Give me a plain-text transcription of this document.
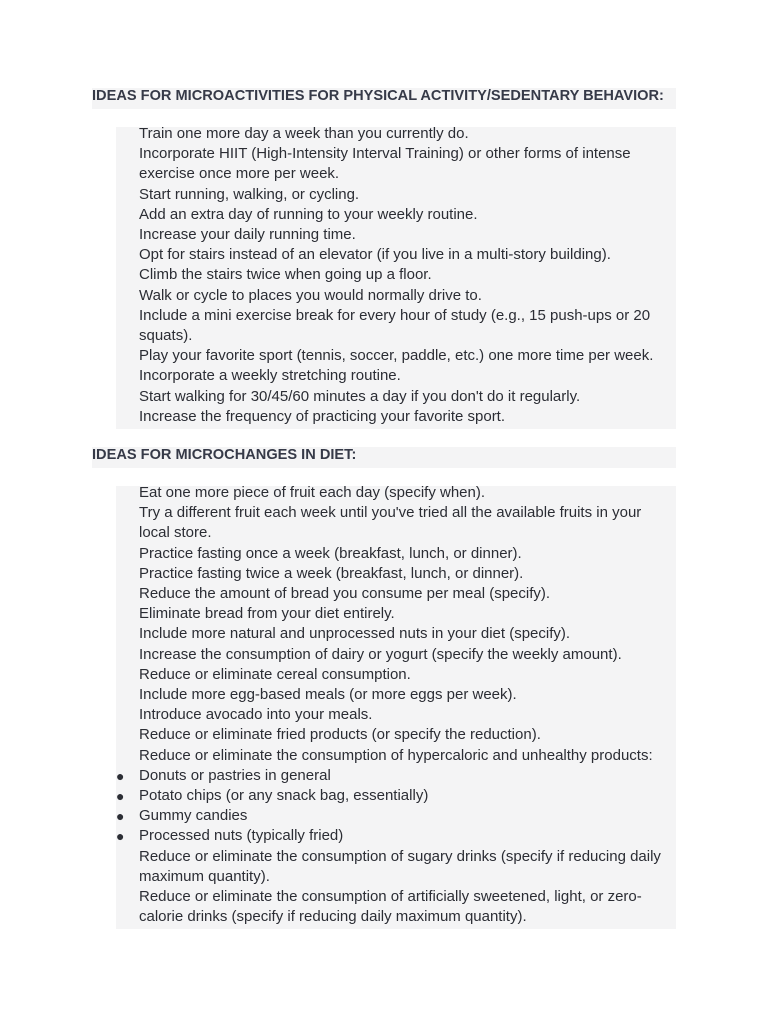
IDEAS FOR MICROACTIVITIES FOR PHYSICAL ACTIVITY/SEDENTARY BEHAVIOR:
Train one more day a week than you currently do.
Incorporate HIIT (High-Intensity Interval Training) or other forms of intense exercise once more per week.
Start running, walking, or cycling.
Add an extra day of running to your weekly routine.
Increase your daily running time.
Opt for stairs instead of an elevator (if you live in a multi-story building).
Climb the stairs twice when going up a floor.
Walk or cycle to places you would normally drive to.
Include a mini exercise break for every hour of study (e.g., 15 push-ups or 20 squats).
Play your favorite sport (tennis, soccer, paddle, etc.) one more time per week.
Incorporate a weekly stretching routine.
Start walking for 30/45/60 minutes a day if you don't do it regularly.
Increase the frequency of practicing your favorite sport.
IDEAS FOR MICROCHANGES IN DIET:
Eat one more piece of fruit each day (specify when).
Try a different fruit each week until you've tried all the available fruits in your local store.
Practice fasting once a week (breakfast, lunch, or dinner).
Practice fasting twice a week (breakfast, lunch, or dinner).
Reduce the amount of bread you consume per meal (specify).
Eliminate bread from your diet entirely.
Include more natural and unprocessed nuts in your diet (specify).
Increase the consumption of dairy or yogurt (specify the weekly amount).
Reduce or eliminate cereal consumption.
Include more egg-based meals (or more eggs per week).
Introduce avocado into your meals.
Reduce or eliminate fried products (or specify the reduction).
Reduce or eliminate the consumption of hypercaloric and unhealthy products:
● Donuts or pastries in general
● Potato chips (or any snack bag, essentially)
● Gummy candies
● Processed nuts (typically fried)
Reduce or eliminate the consumption of sugary drinks (specify if reducing daily maximum quantity).
Reduce or eliminate the consumption of artificially sweetened, light, or zero-calorie drinks (specify if reducing daily maximum quantity).
